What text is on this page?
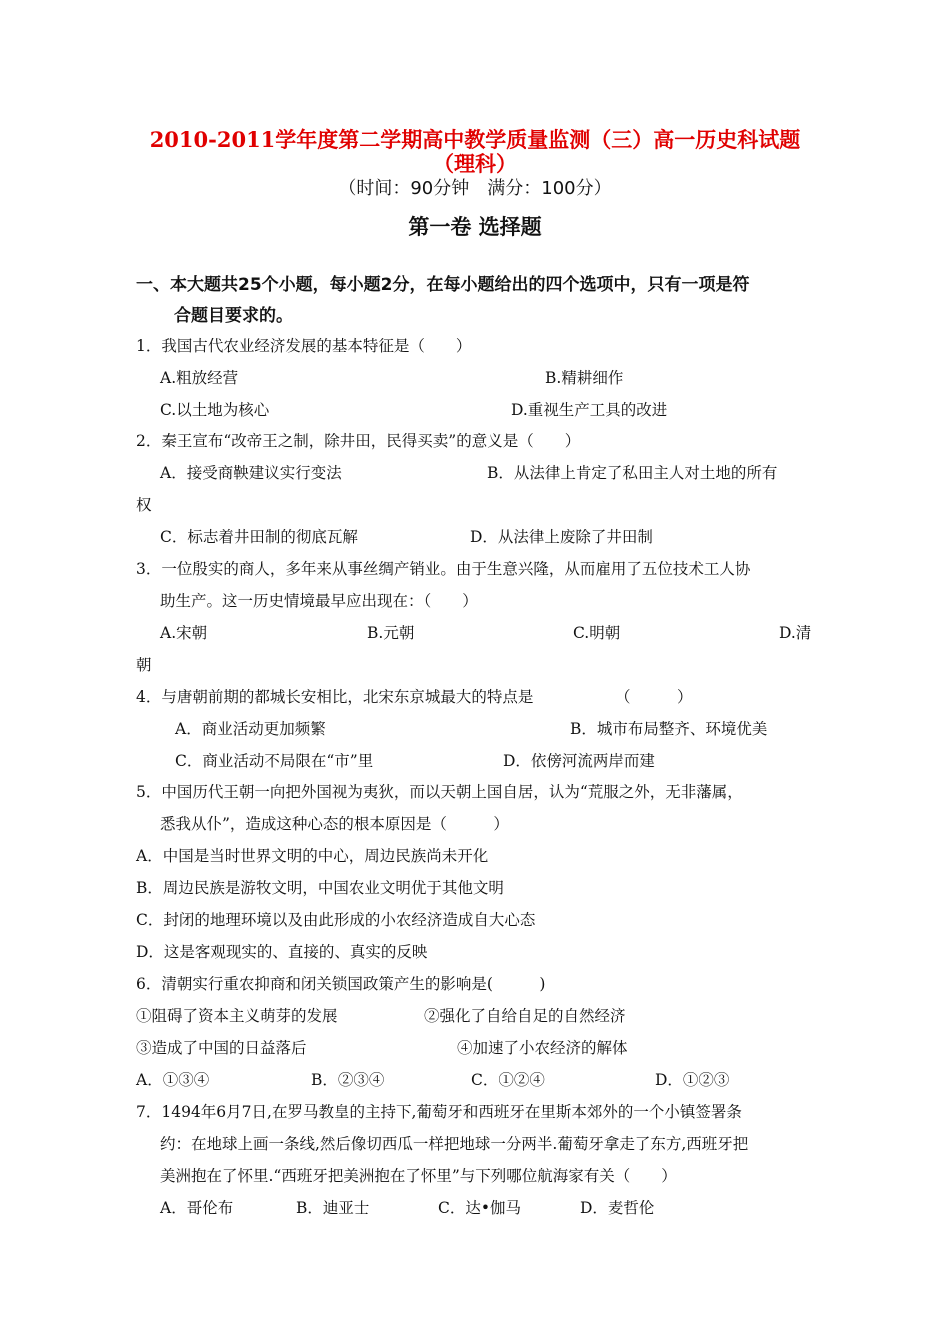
2010-2011学年度第二学期高中教学质量监测（三）高一历史科试题
（理科）
（时间：90分钟　满分：100分）
第一卷 选择题
一、本大题共25个小题，每小题2分，在每小题给出的四个选项中，只有一项是符
合题目要求的。
1．我国古代农业经济发展的基本特征是（　　）
A.粗放经营	B.精耕细作
C.以土地为核心	D.重视生产工具的改进
2．秦王宣布“改帝王之制，除井田，民得买卖”的意义是（　　）
A．接受商鞅建议实行变法	B．从法律上肯定了私田主人对土地的所有
权
C．标志着井田制的彻底瓦解	D．从法律上废除了井田制
3．一位殷实的商人，多年来从事丝绸产销业。由于生意兴隆，从而雇用了五位技术工人协
助生产。这一历史情境最早应出现在：（　　）
A.宋朝	B.元朝	C.明朝	D.清
朝
4．与唐朝前期的都城长安相比，北宋东京城最大的特点是	（　　　）
A．商业活动更加频繁	B．城市布局整齐、环境优美
C．商业活动不局限在“市”里	D．依傍河流两岸而建
5．中国历代王朝一向把外国视为夷狄，而以天朝上国自居，认为“荒服之外，无非藩属，
悉我从仆”，造成这种心态的根本原因是（　　　）
A．中国是当时世界文明的中心，周边民族尚未开化
B．周边民族是游牧文明，中国农业文明优于其他文明
C．封闭的地理环境以及由此形成的小农经济造成自大心态
D．这是客观现实的、直接的、真实的反映
6．清朝实行重农抑商和闭关锁国政策产生的影响是(　　　)
①阻碍了资本主义萌芽的发展	②强化了自给自足的自然经济
③造成了中国的日益落后	④加速了小农经济的解体
A．①③④	B．②③④	C．①②④	D．①②③
7．1494年6月7日,在罗马教皇的主持下,葡萄牙和西班牙在里斯本郊外的一个小镇签署条
约：在地球上画一条线,然后像切西瓜一样把地球一分两半.葡萄牙拿走了东方,西班牙把
美洲抱在了怀里.“西班牙把美洲抱在了怀里”与下列哪位航海家有关（　　）
A．哥伦布	B．迪亚士	C．达•伽马	D．麦哲伦
